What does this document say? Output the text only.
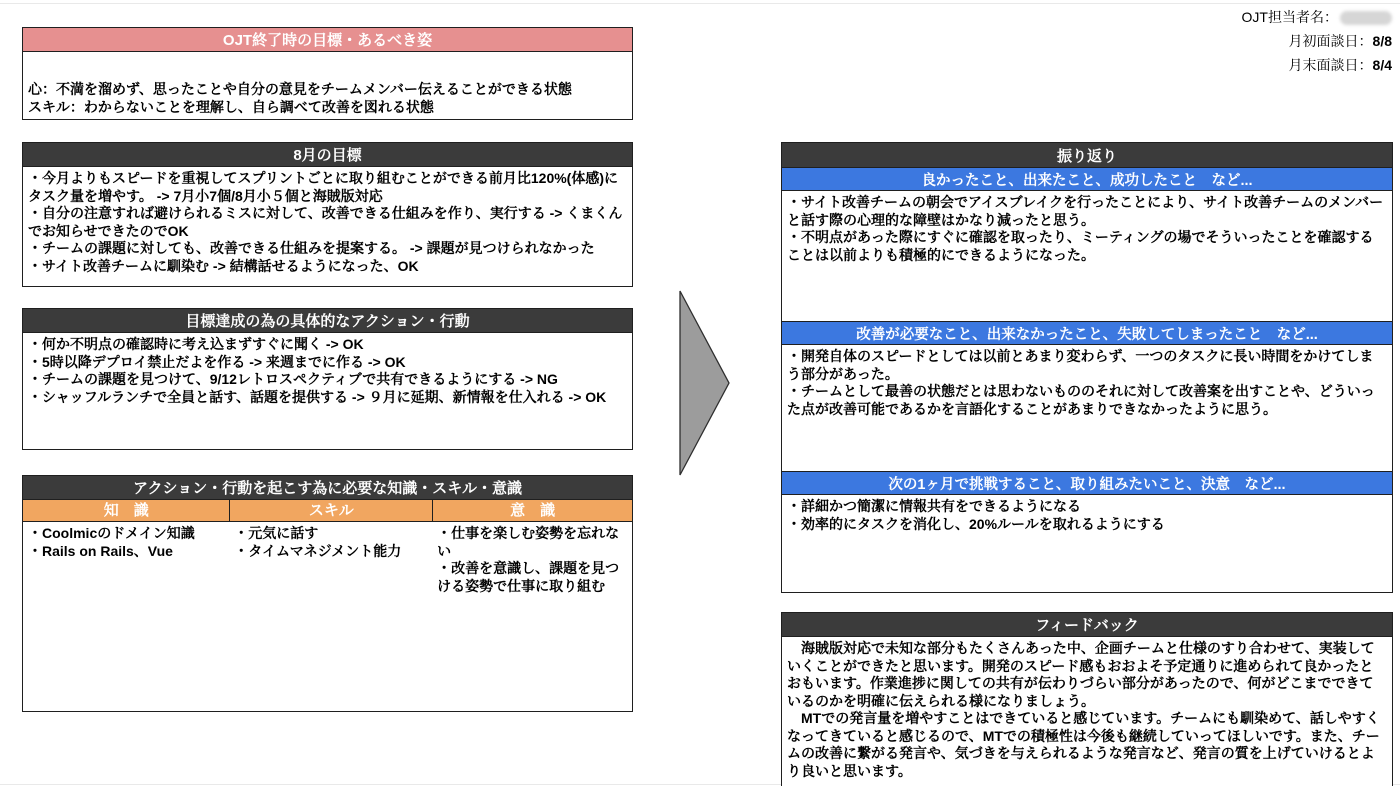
OJT担当者名：
月初面談日：8/8
月末面談日：8/4
OJT終了時の目標・あるべき姿
心：不満を溜めず、思ったことや自分の意見をチームメンバー伝えることができる状態
スキル：わからないことを理解し、自ら調べて改善を図れる状態
8月の目標
・今月よりもスピードを重視してスプリントごとに取り組むことができる前月比120%(体感)にタスク量を増やす。 -> 7月小7個/8月小５個と海賊版対応
・自分の注意すれば避けられるミスに対して、改善できる仕組みを作り、実行する -> くまくんでお知らせできたのでOK
・チームの課題に対しても、改善できる仕組みを提案する。 -> 課題が見つけられなかった
・サイト改善チームに馴染む -> 結構話せるようになった、OK
目標達成の為の具体的なアクション・行動
・何か不明点の確認時に考え込まずすぐに聞く -> OK
・5時以降デプロイ禁止だよを作る -> 来週までに作る -> OK
・チームの課題を見つけて、9/12レトロスペクティブで共有できるようにする -> NG
・シャッフルランチで全員と話す、話題を提供する -> ９月に延期、新情報を仕入れる -> OK
アクション・行動を起こす為に必要な知識・スキル・意識
知　識	スキル	意　識
・Coolmicのドメイン知識
・Rails on Rails、Vue
・元気に話す
・タイムマネジメント能力
・仕事を楽しむ姿勢を忘れない
・改善を意識し、課題を見つける姿勢で仕事に取り組む
振り返り
良かったこと、出来たこと、成功したこと　など...
・サイト改善チームの朝会でアイスブレイクを行ったことにより、サイト改善チームのメンバーと話す際の心理的な障壁はかなり減ったと思う。
・不明点があった際にすぐに確認を取ったり、ミーティングの場でそういったことを確認することは以前よりも積極的にできるようになった。
改善が必要なこと、出来なかったこと、失敗してしまったこと　など...
・開発自体のスピードとしては以前とあまり変わらず、一つのタスクに長い時間をかけてしまう部分があった。
・チームとして最善の状態だとは思わないもののそれに対して改善案を出すことや、どういった点が改善可能であるかを言語化することがあまりできなかったように思う。
次の1ヶ月で挑戦すること、取り組みたいこと、決意　など...
・詳細かつ簡潔に情報共有をできるようになる
・効率的にタスクを消化し、20%ルールを取れるようにする
フィードバック

　海賊版対応で未知な部分もたくさんあった中、企画チームと仕様のすり合わせて、実装していくことができたと思います。開発のスピード感もおおよそ予定通りに進められて良かったとおもいます。作業進捗に関しての共有が伝わりづらい部分があったので、何がどこまでできているのかを明確に伝えられる様になりましょう。

　MTでの発言量を増やすことはできていると感じています。チームにも馴染めて、話しやすくなってきていると感じるので、MTでの積極性は今後も継続していってほしいです。また、チームの改善に繋がる発言や、気づきを与えられるような発言など、発言の質を上げていけるとより良いと思います。
